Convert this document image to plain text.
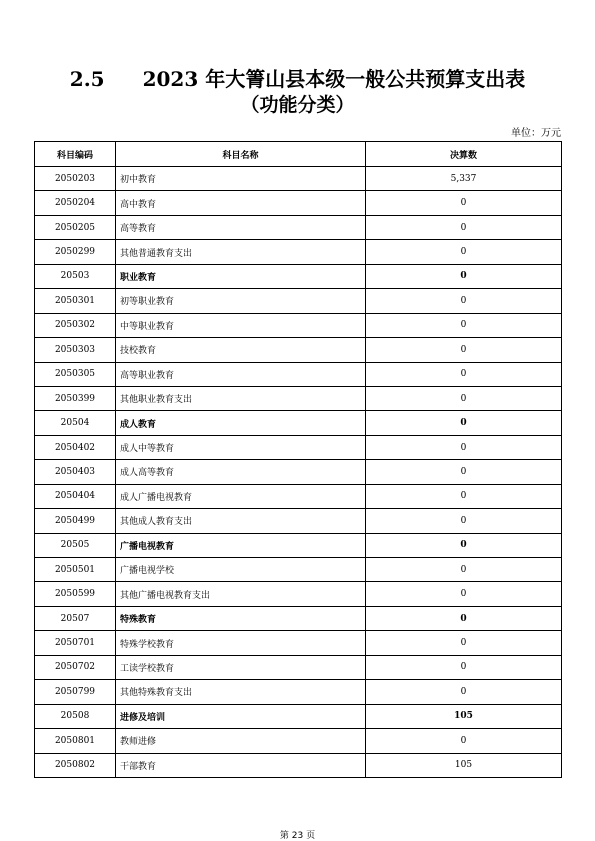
2.5 2023 年大箐山县本级一般公共预算支出表
（功能分类）
单位：万元
科目编码	科目名称	决算数
2050203	初中教育	5,337
2050204	高中教育	0
2050205	高等教育	0
2050299	其他普通教育支出	0
20503	职业教育	0
2050301	初等职业教育	0
2050302	中等职业教育	0
2050303	技校教育	0
2050305	高等职业教育	0
2050399	其他职业教育支出	0
20504	成人教育	0
2050402	成人中等教育	0
2050403	成人高等教育	0
2050404	成人广播电视教育	0
2050499	其他成人教育支出	0
20505	广播电视教育	0
2050501	广播电视学校	0
2050599	其他广播电视教育支出	0
20507	特殊教育	0
2050701	特殊学校教育	0
2050702	工读学校教育	0
2050799	其他特殊教育支出	0
20508	进修及培训	105
2050801	教师进修	0
2050802	干部教育	105
第 23 页
